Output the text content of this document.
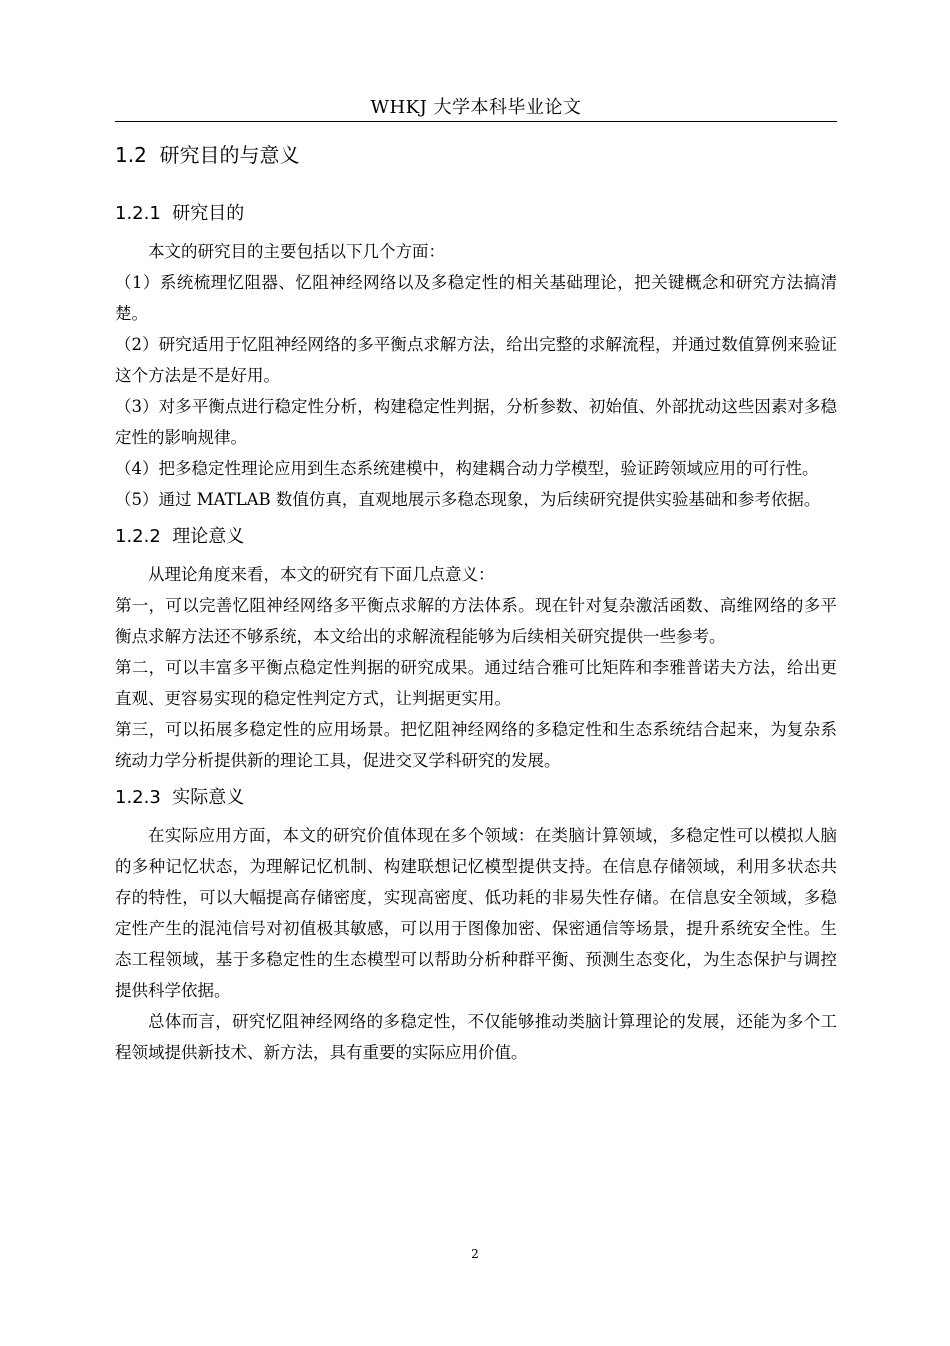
WHKJ 大学本科毕业论文
1.2 研究目的与意义
1.2.1 研究目的

本文的研究目的主要包括以下几个方面：

（1）系统梳理忆阻器、忆阻神经网络以及多稳定性的相关基础理论，把关键概念和研究方法搞清楚。

（2）研究适用于忆阻神经网络的多平衡点求解方法，给出完整的求解流程，并通过数值算例来验证这个方法是不是好用。

（3）对多平衡点进行稳定性分析，构建稳定性判据，分析参数、初始值、外部扰动这些因素对多稳定性的影响规律。

（4）把多稳定性理论应用到生态系统建模中，构建耦合动力学模型，验证跨领域应用的可行性。

（5）通过 MATLAB 数值仿真，直观地展示多稳态现象，为后续研究提供实验基础和参考依据。

1.2.2 理论意义

从理论角度来看，本文的研究有下面几点意义：

第一，可以完善忆阻神经网络多平衡点求解的方法体系。现在针对复杂激活函数、高维网络的多平衡点求解方法还不够系统，本文给出的求解流程能够为后续相关研究提供一些参考。

第二，可以丰富多平衡点稳定性判据的研究成果。通过结合雅可比矩阵和李雅普诺夫方法，给出更直观、更容易实现的稳定性判定方式，让判据更实用。

第三，可以拓展多稳定性的应用场景。把忆阻神经网络的多稳定性和生态系统结合起来，为复杂系统动力学分析提供新的理论工具，促进交叉学科研究的发展。

1.2.3 实际意义

在实际应用方面，本文的研究价值体现在多个领域：在类脑计算领域，多稳定性可以模拟人脑的多种记忆状态，为理解记忆机制、构建联想记忆模型提供支持。在信息存储领域，利用多状态共存的特性，可以大幅提高存储密度，实现高密度、低功耗的非易失性存储。在信息安全领域，多稳定性产生的混沌信号对初值极其敏感，可以用于图像加密、保密通信等场景，提升系统安全性。生态工程领域，基于多稳定性的生态模型可以帮助分析种群平衡、预测生态变化，为生态保护与调控提供科学依据。

总体而言，研究忆阻神经网络的多稳定性，不仅能够推动类脑计算理论的发展，还能为多个工程领域提供新技术、新方法，具有重要的实际应用价值。

2
